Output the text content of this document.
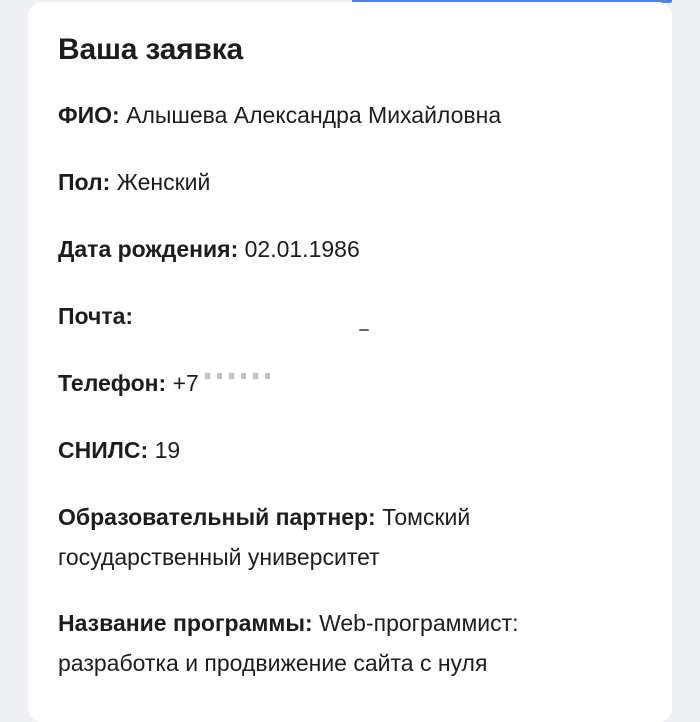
Ваша заявка

ФИО: Алышева Александра Михайловна

Пол: Женский

Дата рождения: 02.01.1986

Почта:

Телефон: +7

СНИЛС: 19

Образовательный партнер: Томский государственный университет

Название программы: Web-программист: разработка и продвижение сайта с нуля
